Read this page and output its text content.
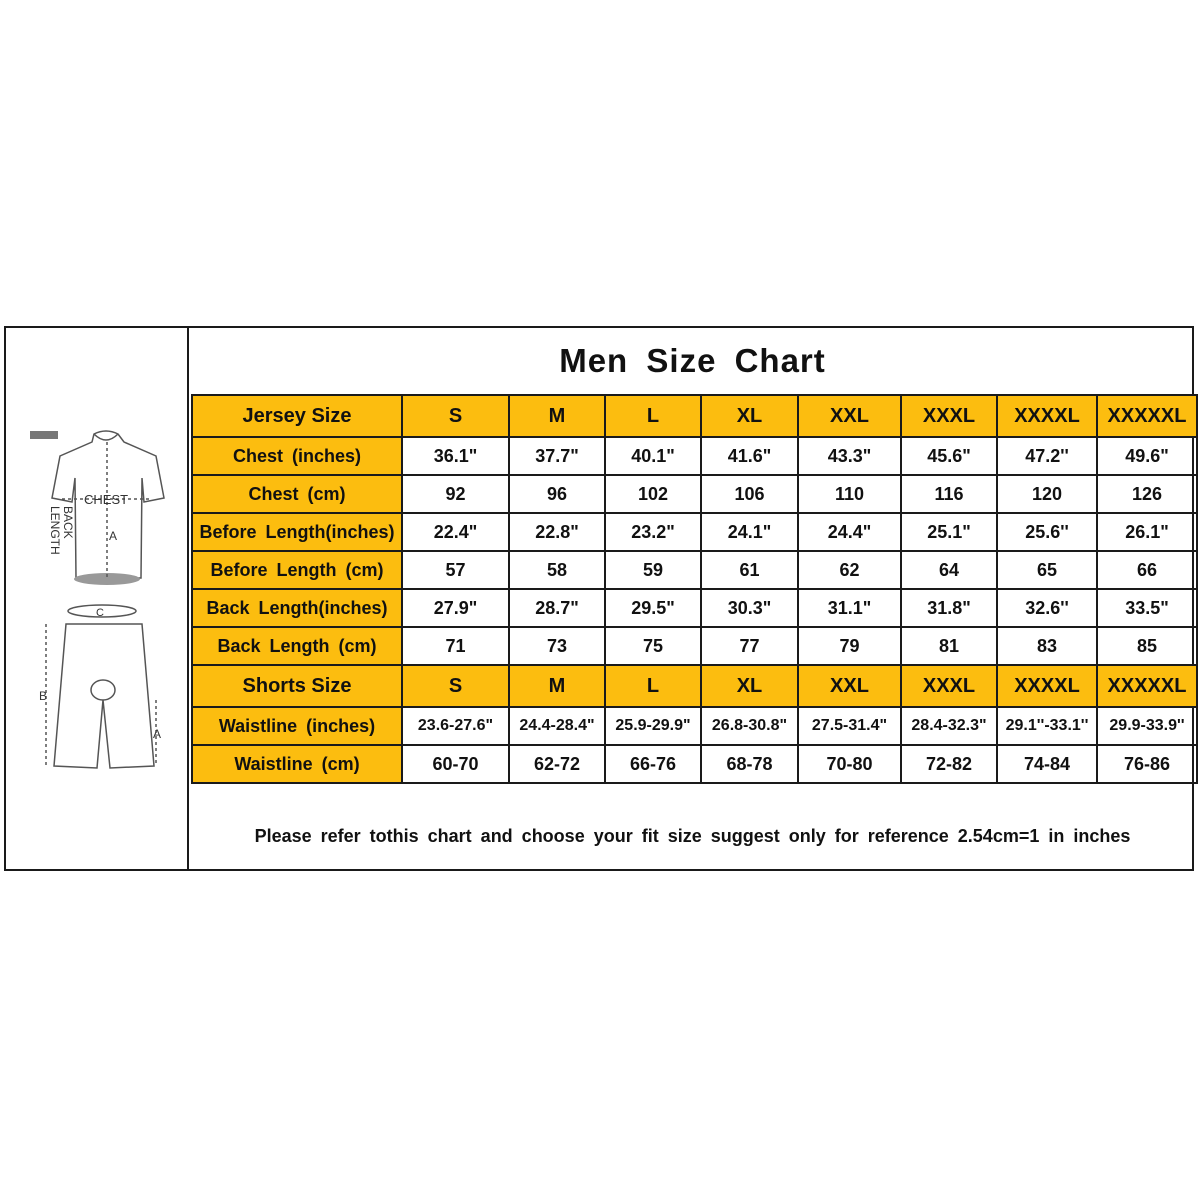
CHEST
A
BACK
LENGTH
C
B
A
Men Size Chart
Jersey Size	S	M	L	XL	XXL	XXXL	XXXXL	XXXXXL
Chest (inches)	36.1"	37.7"	40.1"	41.6"	43.3"	45.6"	47.2''	49.6"
Chest (cm)	92	96	102	106	110	116	120	126
Before Length(inches)	22.4"	22.8"	23.2"	24.1"	24.4"	25.1"	25.6''	26.1"
Before Length (cm)	57	58	59	61	62	64	65	66
Back Length(inches)	27.9"	28.7"	29.5"	30.3"	31.1"	31.8"	32.6''	33.5"
Back Length (cm)	71	73	75	77	79	81	83	85
Shorts Size	S	M	L	XL	XXL	XXXL	XXXXL	XXXXXL
Waistline (inches)	23.6-27.6"	24.4-28.4"	25.9-29.9"	26.8-30.8"	27.5-31.4"	28.4-32.3"	29.1''-33.1''	29.9-33.9''
Waistline (cm)	60-70	62-72	66-76	68-78	70-80	72-82	74-84	76-86
Please refer tothis chart and choose your fit size suggest only for reference 2.54cm=1 in inches
